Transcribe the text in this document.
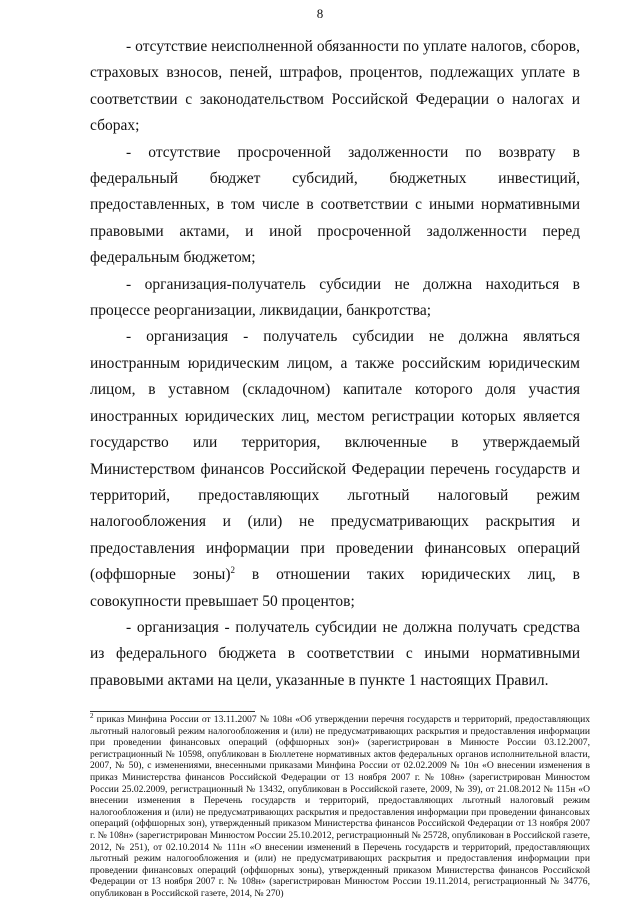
8

- отсутствие неисполненной обязанности по уплате налогов, сборов, страховых взносов, пеней, штрафов, процентов, подлежащих уплате в соответствии с законодательством Российской Федерации о налогах и сборах;

- отсутствие просроченной задолженности по возврату в федеральный бюджет субсидий, бюджетных инвестиций, предоставленных, в том числе в соответствии с иными нормативными правовыми актами, и иной просроченной задолженности перед федеральным бюджетом;

- организация-получатель субсидии не должна находиться в процессе реорганизации, ликвидации, банкротства;

- организация - получатель субсидии не должна являться иностранным юридическим лицом, а также российским юридическим лицом, в уставном (складочном) капитале которого доля участия иностранных юридических лиц, местом регистрации которых является государство или территория, включенные в утверждаемый Министерством финансов Российской Федерации перечень государств и территорий, предоставляющих льготный налоговый режим налогообложения и (или) не предусматривающих раскрытия и предоставления информации при проведении финансовых операций (оффшорные зоны)$^2$ в отношении таких юридических лиц, в совокупности превышает 50 процентов;

- организация - получатель субсидии не должна получать средства из федерального бюджета в соответствии с иными нормативными правовыми актами на цели, указанные в пункте 1 настоящих Правил.

$^2$ приказ Минфина России от 13.11.2007 № 108н «Об утверждении перечня государств и территорий, предоставляющих льготный налоговый режим налогообложения и (или) не предусматривающих раскрытия и предоставления информации при проведении финансовых операций (оффшорных зон)» (зарегистрирован в Минюсте России 03.12.2007, регистрационный № 10598, опубликован в Бюллетене нормативных актов федеральных органов исполнительной власти, 2007, № 50), с изменениями, внесенными приказами Минфина России от 02.02.2009 № 10н «О внесении изменения в приказ Министерства финансов Российской Федерации от 13 ноября 2007 г. № 108н» (зарегистрирован Минюстом России 25.02.2009, регистрационный № 13432, опубликован в Российской газете, 2009, № 39), от 21.08.2012 № 115н «О внесении изменения в Перечень государств и территорий, предоставляющих льготный налоговый режим налогообложения и (или) не предусматривающих раскрытия и предоставления информации при проведении финансовых операций (оффшорных зон), утвержденный приказом Министерства финансов Российской Федерации от 13 ноября 2007 г. № 108н» (зарегистрирован Минюстом России 25.10.2012, регистрационный № 25728, опубликован в Российской газете, 2012, № 251), от 02.10.2014 № 111н «О внесении изменений в Перечень государств и территорий, предоставляющих льготный режим налогообложения и (или) не предусматривающих раскрытия и предоставления информации при проведении финансовых операций (оффшорных зоны), утвержденный приказом Министерства финансов Российской Федерации от 13 ноября 2007 г. № 108н» (зарегистрирован Минюстом России 19.11.2014, регистрационный № 34776, опубликован в Российской газете, 2014, № 270)
